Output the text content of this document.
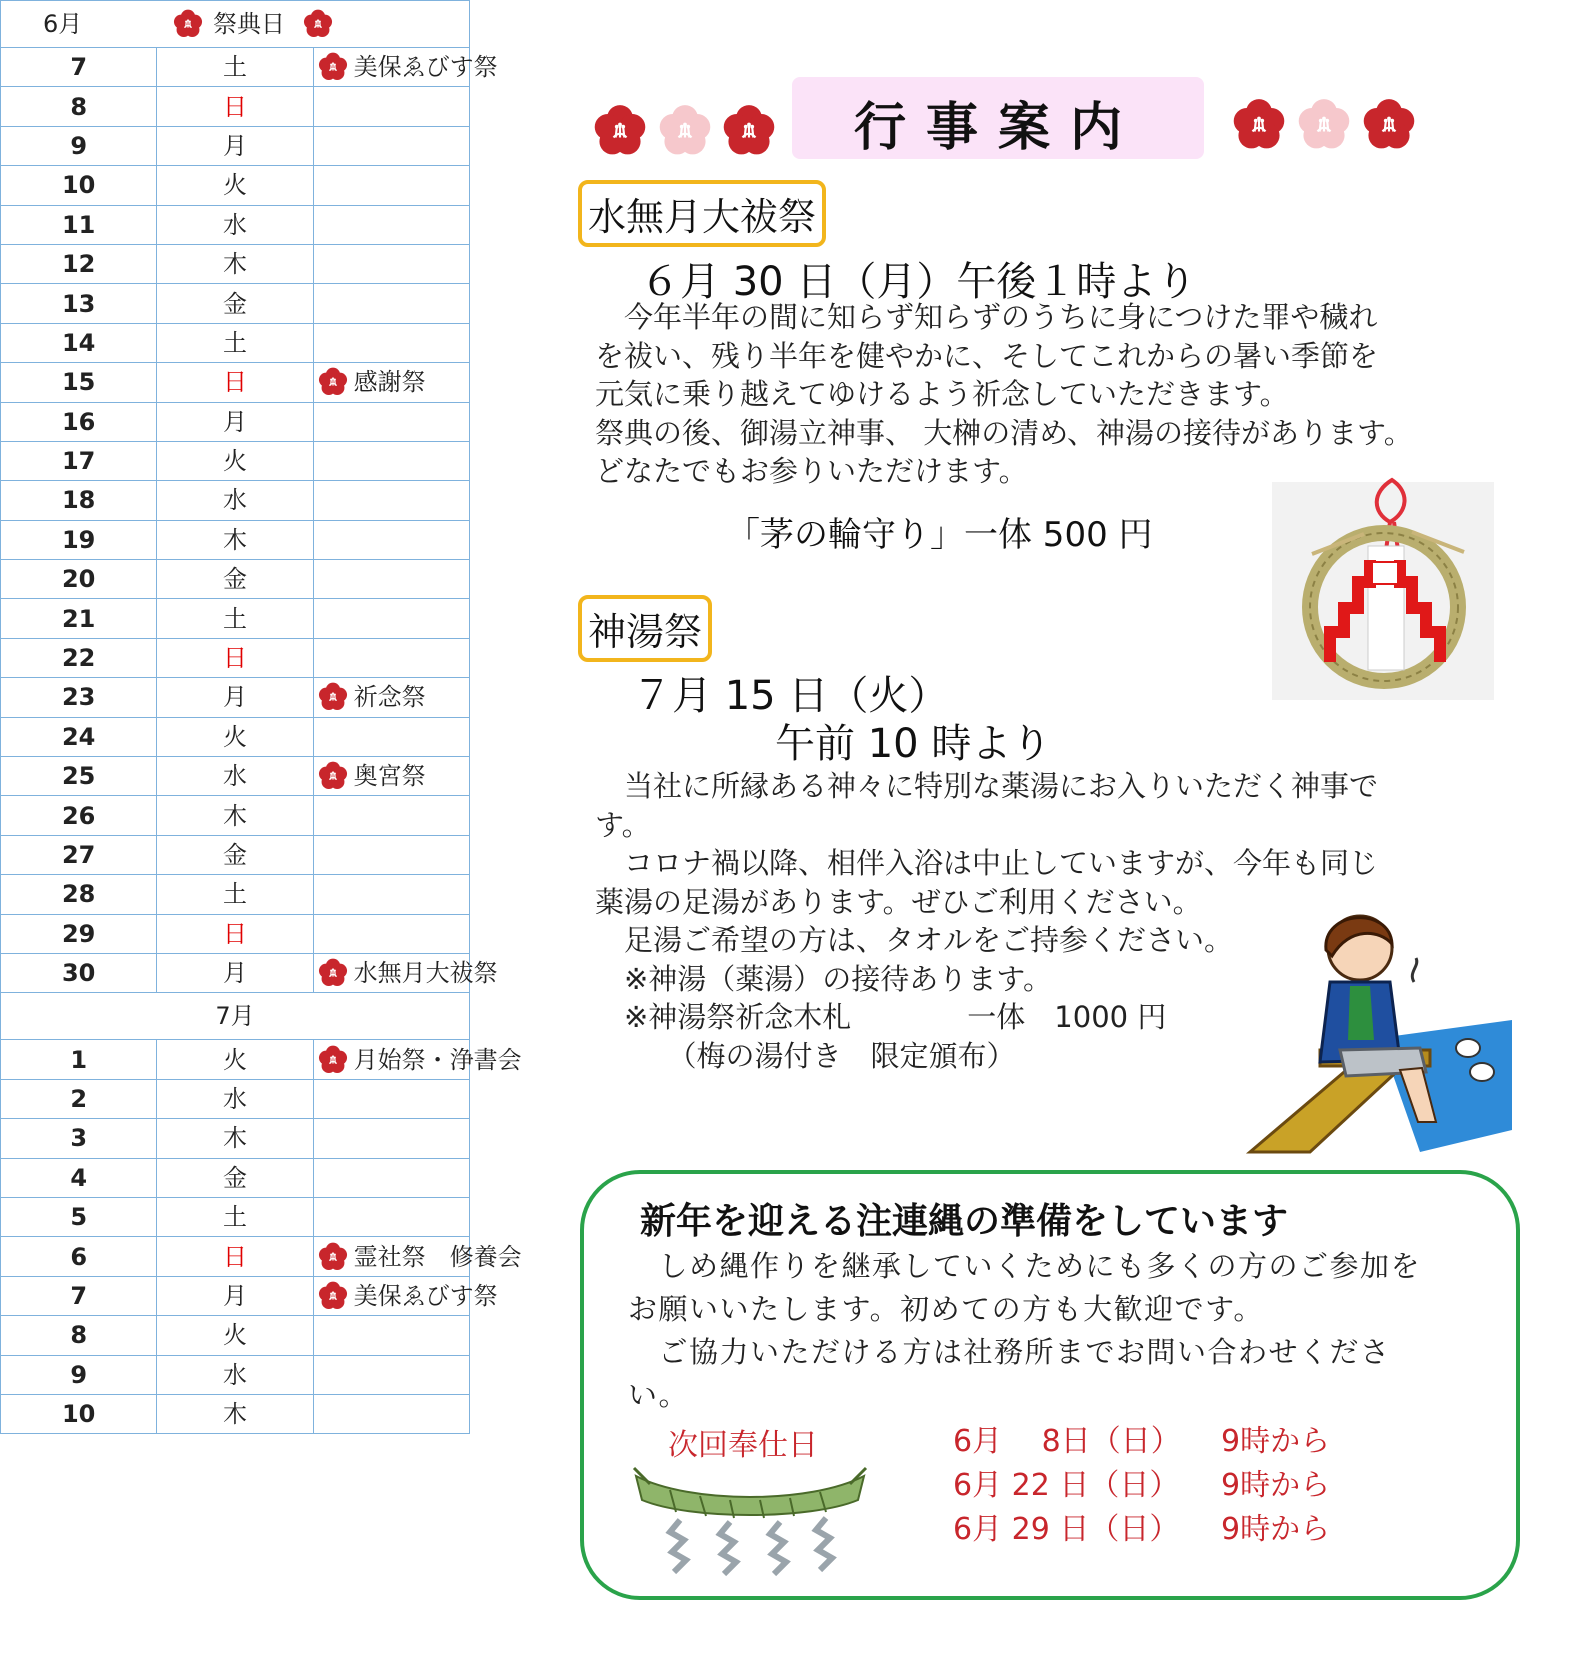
6月 祭典日		

7	土	美保ゑびす祭

8	日	
9	月	
10	火	
11	水	
12	木	
13	金	
14	土	
15	日	感謝祭

16	月	
17	火	
18	水	
19	木	
20	金	
21	土	
22	日	
23	月	祈念祭

24	火	
25	水	奥宮祭

26	木	
27	金	
28	土	
29	日	
30	月	水無月大祓祭

7月		
1	火	月始祭・浄書会

2	水	
3	木	
4	金	
5	土	
6	日	霊社祭　修養会

7	月	美保ゑびす祭

8	火	
9	水	
10	木	
行事案内
水無月大祓祭
６月 30 日（月）午後１時より

　今年半年の間に知らず知らずのうちに身につけた罪や穢れ

を祓い、残り半年を健やかに、そしてこれからの暑い季節を

元気に乗り越えてゆけるよう祈念していただきます。

祭典の後、御湯立神事、 大榊の清め、神湯の接待があります。

どなたでもお参りいただけます。

「茅の輪守り」一体 500 円
神湯祭
７月 15 日（火）
午前 10 時より

　当社に所縁ある神々に特別な薬湯にお入りいただく神事で

す。

　コロナ禍以降、相伴入浴は中止していますが、今年も同じ

薬湯の足湯があります。ぜひご利用ください。

　足湯ご希望の方は、タオルをご持参ください。

　※神湯（薬湯）の接待あります。

　※神湯祭祈念木札　　　　一体　1000 円

　　　（梅の湯付き　限定頒布）

新年を迎える注連縄の準備をしています

　しめ縄作りを継承していくためにも多くの方のご参加を

お願いいたします。初めての方も大歓迎です。

　ご協力いただける方は社務所までお問い合わせくださ

い。

次回奉仕日	6月　 8日（日） 9時から
6月 22 日（日） 9時から
6月 29 日（日） 9時から
